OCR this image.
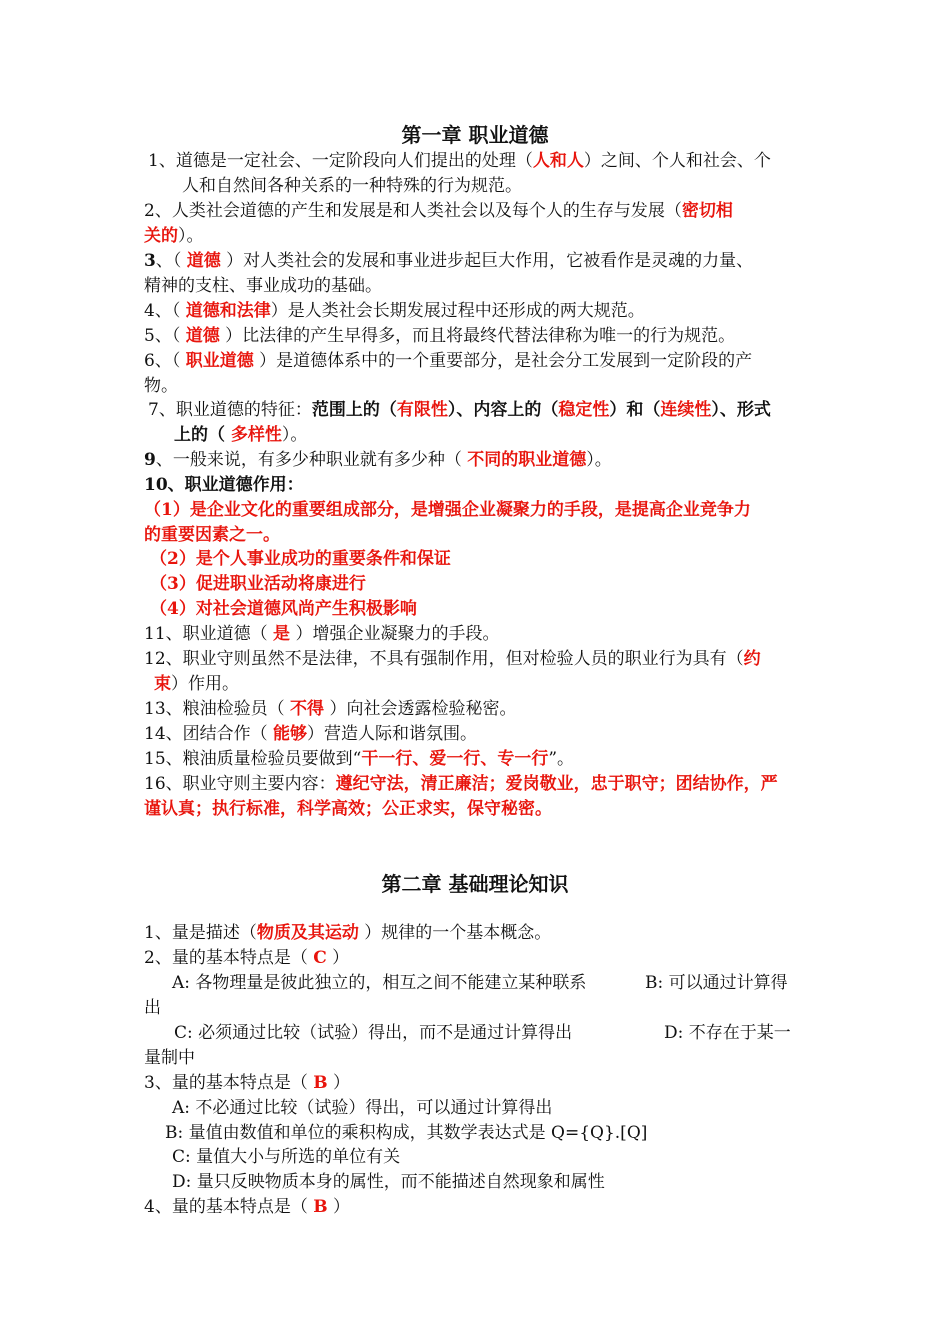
第一章 职业道德
1、道德是一定社会、一定阶段向人们提出的处理（人和人）之间、个人和社会、个
人和自然间各种关系的一种特殊的行为规范。
2、人类社会道德的产生和发展是和人类社会以及每个人的生存与发展（密切相
关的）。
3、（ 道德 ）对人类社会的发展和事业进步起巨大作用，它被看作是灵魂的力量、
精神的支柱、事业成功的基础。
4、（ 道德和法律）是人类社会长期发展过程中还形成的两大规范。
5、（ 道德 ）比法律的产生早得多，而且将最终代替法律称为唯一的行为规范。
6、（ 职业道德 ）是道德体系中的一个重要部分，是社会分工发展到一定阶段的产
物。
7、职业道德的特征：范围上的（有限性）、内容上的（稳定性）和（连续性）、形式
上的（ 多样性）。
9、一般来说，有多少种职业就有多少种（ 不同的职业道德）。
10、职业道德作用：
（1）是企业文化的重要组成部分，是增强企业凝聚力的手段，是提高企业竞争力
的重要因素之一。
（2）是个人事业成功的重要条件和保证
（3）促进职业活动将康进行
（4）对社会道德风尚产生积极影响
11、职业道德（ 是 ）增强企业凝聚力的手段。
12、职业守则虽然不是法律，不具有强制作用，但对检验人员的职业行为具有（约
束）作用。
13、粮油检验员（ 不得 ）向社会透露检验秘密。
14、团结合作（ 能够）营造人际和谐氛围。
15、粮油质量检验员要做到“干一行、爱一行、专一行”。
16、职业守则主要内容：遵纪守法，清正廉洁；爱岗敬业，忠于职守；团结协作，严
谨认真；执行标准，科学高效；公正求实，保守秘密。
第二章 基础理论知识
1、量是描述（物质及其运动 ）规律的一个基本概念。
2、量的基本特点是（ C ）
A: 各物理量是彼此独立的，相互之间不能建立某种联系	B: 可以通过计算得
出
C: 必须通过比较（试验）得出，而不是通过计算得出	D: 不存在于某一
量制中
3、量的基本特点是（ B ）
A: 不必通过比较（试验）得出，可以通过计算得出
B: 量值由数值和单位的乘积构成，其数学表达式是 Q={Q}.[Q]
C: 量值大小与所选的单位有关
D: 量只反映物质本身的属性，而不能描述自然现象和属性
4、量的基本特点是（ B ）
